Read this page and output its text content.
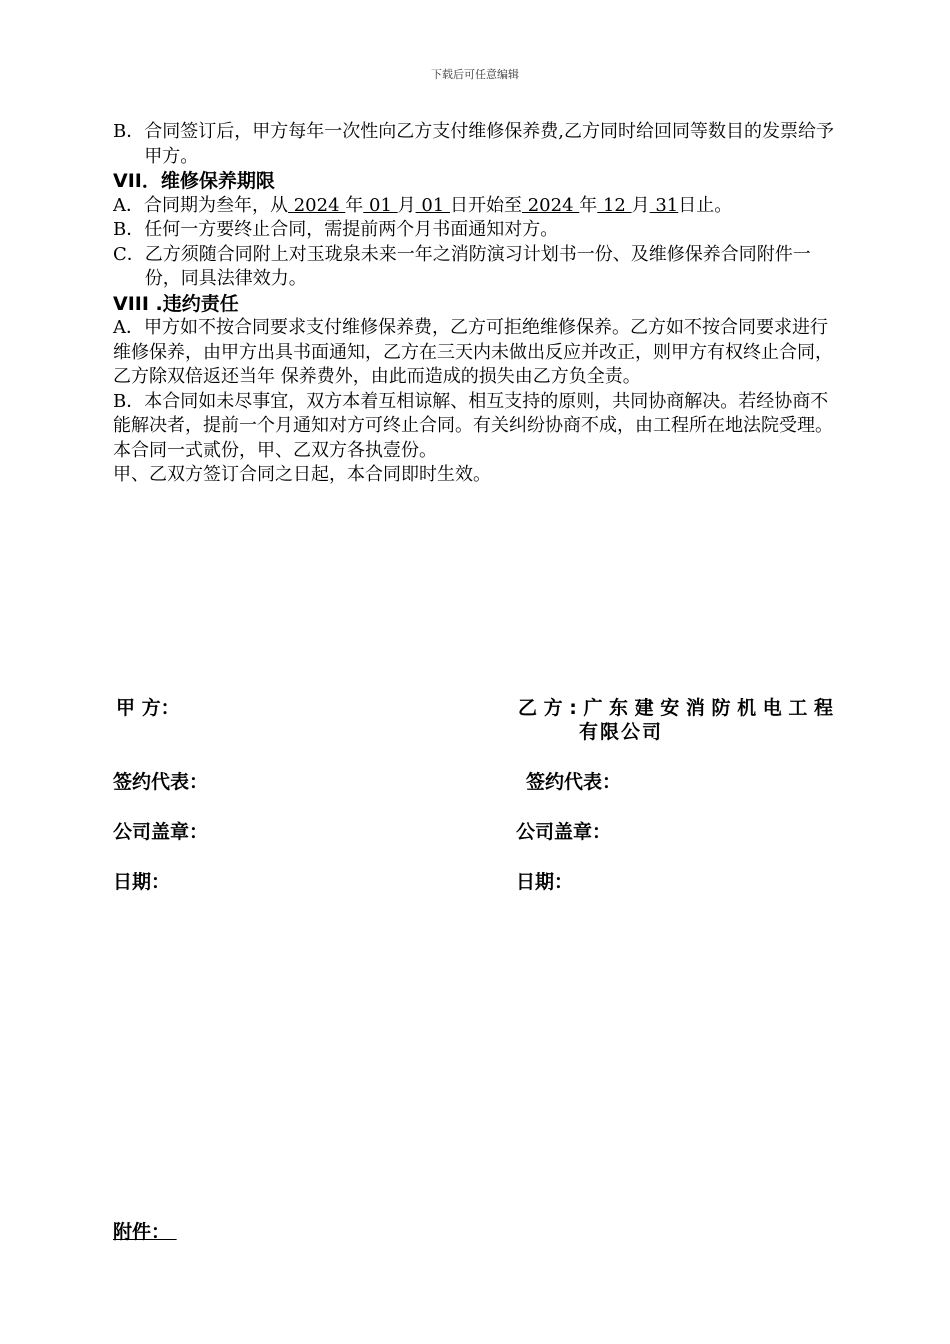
下载后可任意编辑
B． 合同签订后，甲方每年一次性向乙方支付维修保养费,乙方同时给回同等数目的发票给予甲方。

VII．维修保养期限

A． 合同期为叁年，从 2024 年 01 月 01 日开始至 2024 年 12 月 31日止。
B． 任何一方要终止合同，需提前两个月书面通知对方。
C． 乙方须随合同附上对玉珑泉未来一年之消防演习计划书一份、及维修保养合同附件一份，同具法律效力。

VIII .违约责任

A．甲方如不按合同要求支付维修保养费，乙方可拒绝维修保养。乙方如不按合同要求进行维修保养，由甲方出具书面通知，乙方在三天内未做出反应并改正，则甲方有权终止合同，乙方除双倍返还当年 保养费外，由此而造成的损失由乙方负全责。

B．本合同如未尽事宜，双方本着互相谅解、相互支持的原则，共同协商解决。若经协商不能解决者，提前一个月通知对方可终止合同。有关纠纷协商不成，由工程所在地法院受理。本合同一式贰份，甲、乙双方各执壹份。

甲、乙双方签订合同之日起，本合同即时生效。

甲 方：	乙 方 : 广 东 建 安 消 防 机 电 工 程
有限公司
签约代表：	签约代表：
公司盖章：	公司盖章：
日期：	日期：
附件：
